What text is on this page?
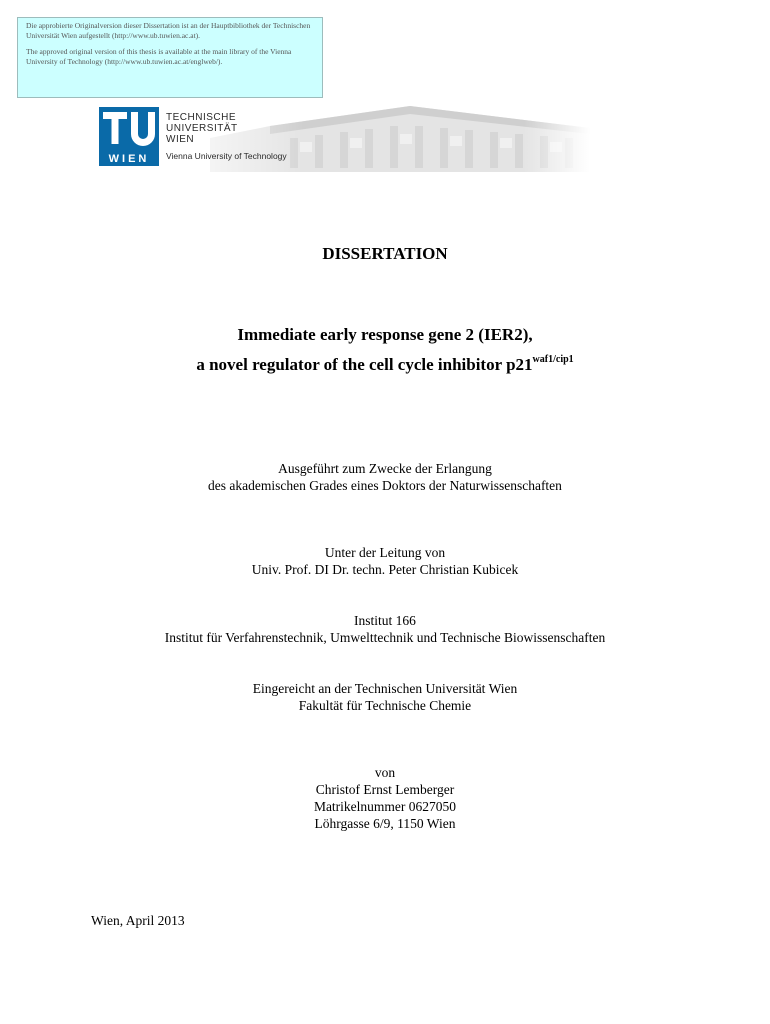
Die approbierte Originalversion dieser Dissertation ist an der Hauptbibliothek der Technischen Universität Wien aufgestellt (http://www.ub.tuwien.ac.at).

The approved original version of this thesis is available at the main library of the Vienna University of Technology (http://www.ub.tuwien.ac.at/englweb/).

WIEN
TECHNISCHE
UNIVERSITÄT
WIEN
Vienna University of Technology
DISSERTATION
Immediate early response gene 2 (IER2),
a novel regulator of the cell cycle inhibitor $p21^{waf1/cip1}$
Ausgeführt zum Zwecke der Erlangung
des akademischen Grades eines Doktors der Naturwissenschaften
Unter der Leitung von
Univ. Prof. DI Dr. techn. Peter Christian Kubicek
Institut 166
Institut für Verfahrenstechnik, Umwelttechnik und Technische Biowissenschaften
Eingereicht an der Technischen Universität Wien
Fakultät für Technische Chemie
von
Christof Ernst Lemberger
Matrikelnummer 0627050
Löhrgasse 6/9, 1150 Wien
Wien, April 2013
